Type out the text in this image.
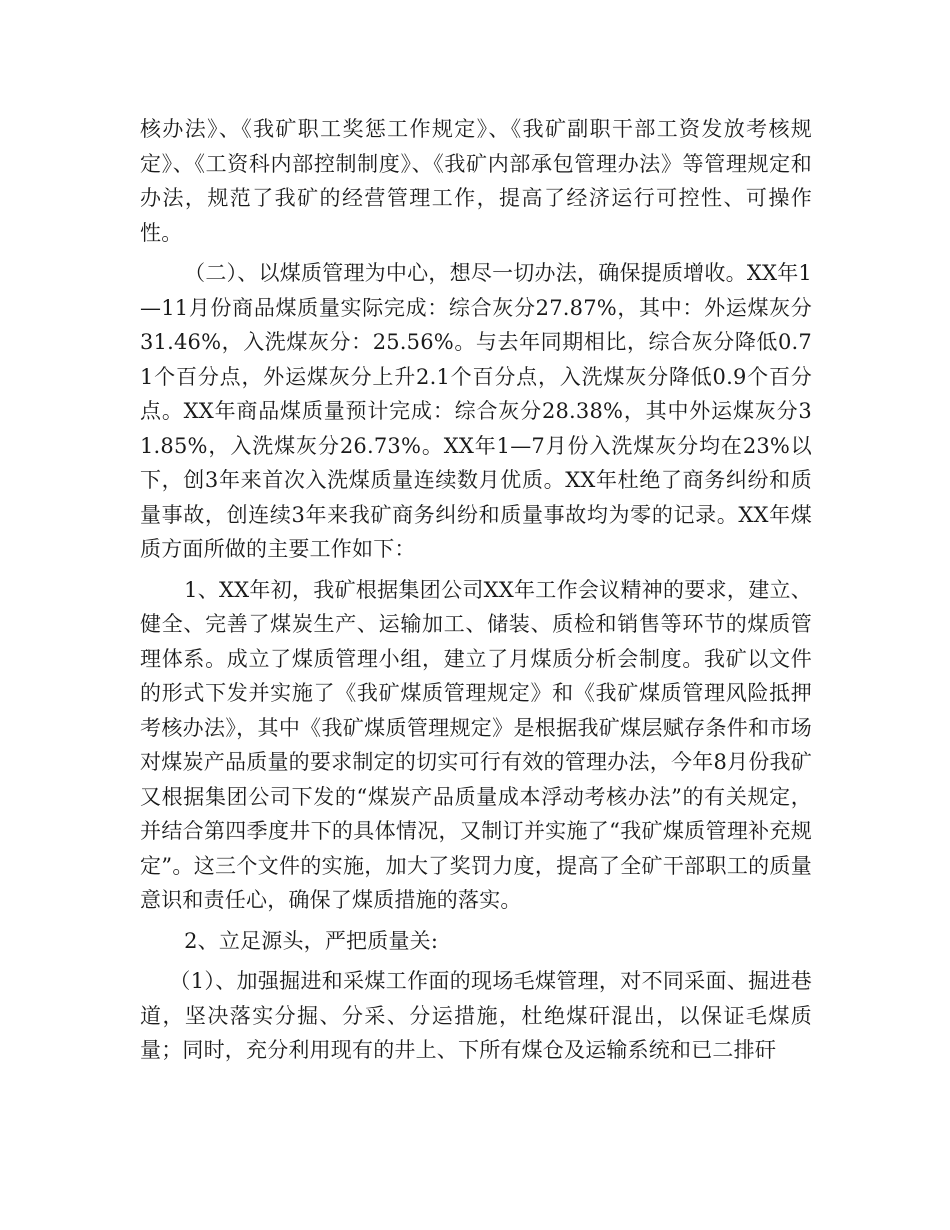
核办法》、《我矿职工奖惩工作规定》、《我矿副职干部工资发放考核规定》、《工资科内部控制制度》、《我矿内部承包管理办法》等管理规定和办法，规范了我矿的经营管理工作，提高了经济运行可控性、可操作性。

（二）、以煤质管理为中心，想尽一切办法，确保提质增收。XX年1—11月份商品煤质量实际完成：综合灰分27.87%，其中：外运煤灰分31.46%，入洗煤灰分：25.56%。与去年同期相比，综合灰分降低0.71个百分点，外运煤灰分上升2.1个百分点，入洗煤灰分降低0.9个百分点。XX年商品煤质量预计完成：综合灰分28.38%，其中外运煤灰分31.85%，入洗煤灰分26.73%。XX年1—7月份入洗煤灰分均在23%以下，创3年来首次入洗煤质量连续数月优质。XX年杜绝了商务纠纷和质量事故，创连续3年来我矿商务纠纷和质量事故均为零的记录。XX年煤质方面所做的主要工作如下：

1、XX年初，我矿根据集团公司XX年工作会议精神的要求，建立、健全、完善了煤炭生产、运输加工、储装、质检和销售等环节的煤质管理体系。成立了煤质管理小组，建立了月煤质分析会制度。我矿以文件的形式下发并实施了《我矿煤质管理规定》和《我矿煤质管理风险抵押考核办法》，其中《我矿煤质管理规定》是根据我矿煤层赋存条件和市场对煤炭产品质量的要求制定的切实可行有效的管理办法，今年8月份我矿又根据集团公司下发的“煤炭产品质量成本浮动考核办法”的有关规定，并结合第四季度井下的具体情况，又制订并实施了“我矿煤质管理补充规定”。这三个文件的实施，加大了奖罚力度，提高了全矿干部职工的质量意识和责任心，确保了煤质措施的落实。

2、立足源头，严把质量关:

（1）、加强掘进和采煤工作面的现场毛煤管理，对不同采面、掘进巷道，坚决落实分掘、分采、分运措施，杜绝煤矸混出，以保证毛煤质量；同时，充分利用现有的井上、下所有煤仓及运输系统和已二排矸
